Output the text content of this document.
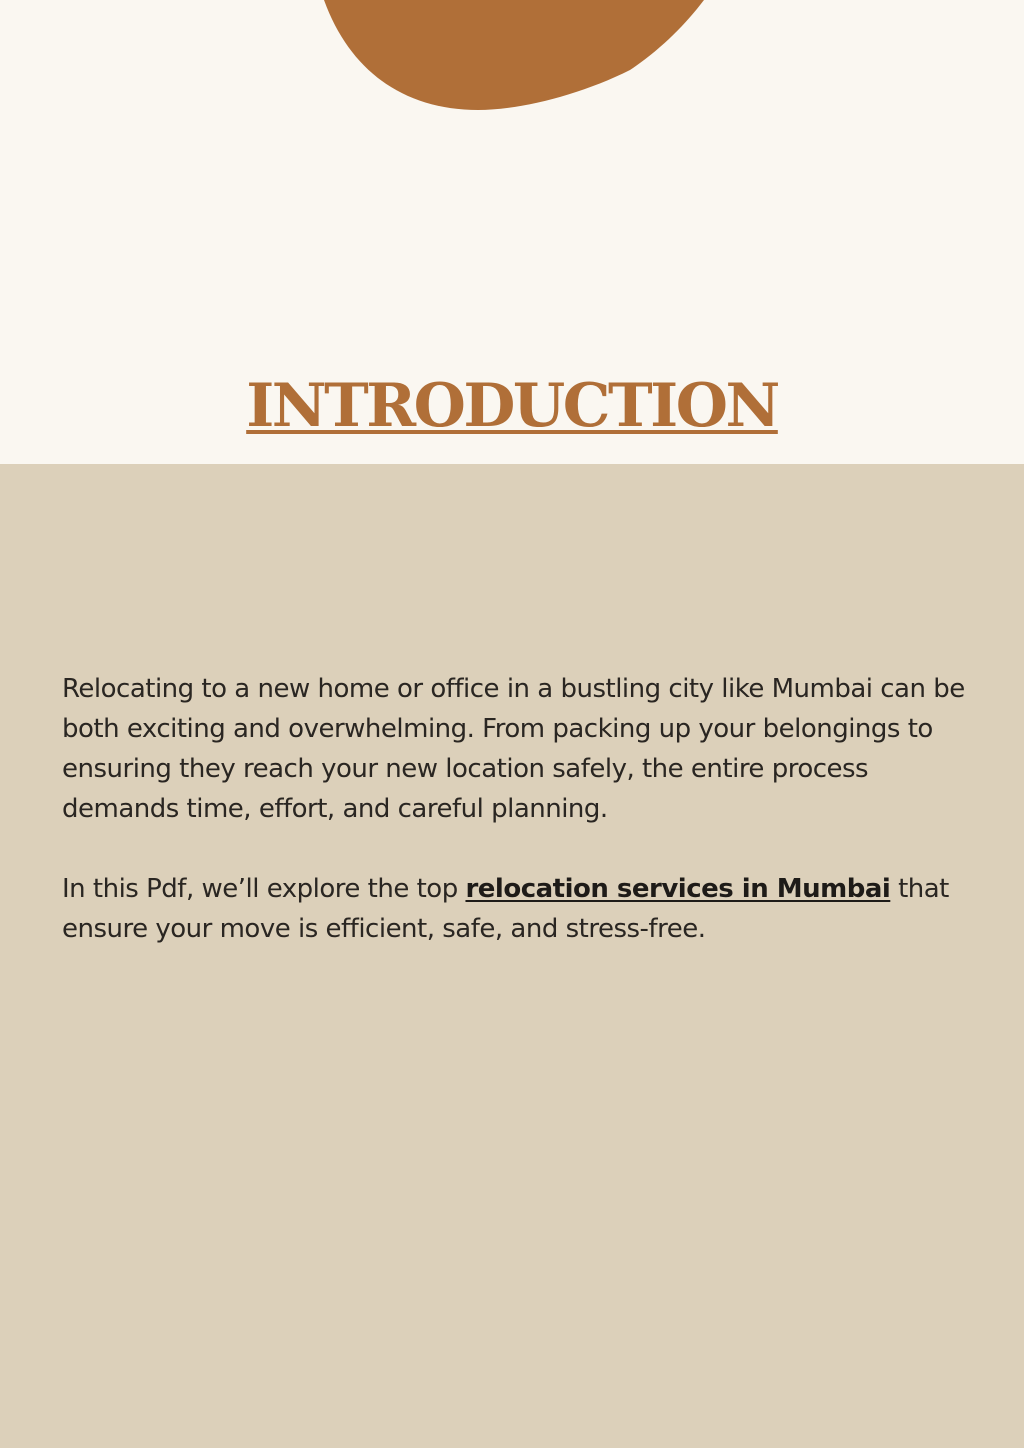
INTRODUCTION

Relocating to a new home or office in a bustling city like Mumbai can be both exciting and overwhelming. From packing up your belongings to ensuring they reach your new location safely, the entire process demands time, effort, and careful planning.

In this Pdf, we’ll explore the top relocation services in Mumbai that ensure your move is efficient, safe, and stress-free.
